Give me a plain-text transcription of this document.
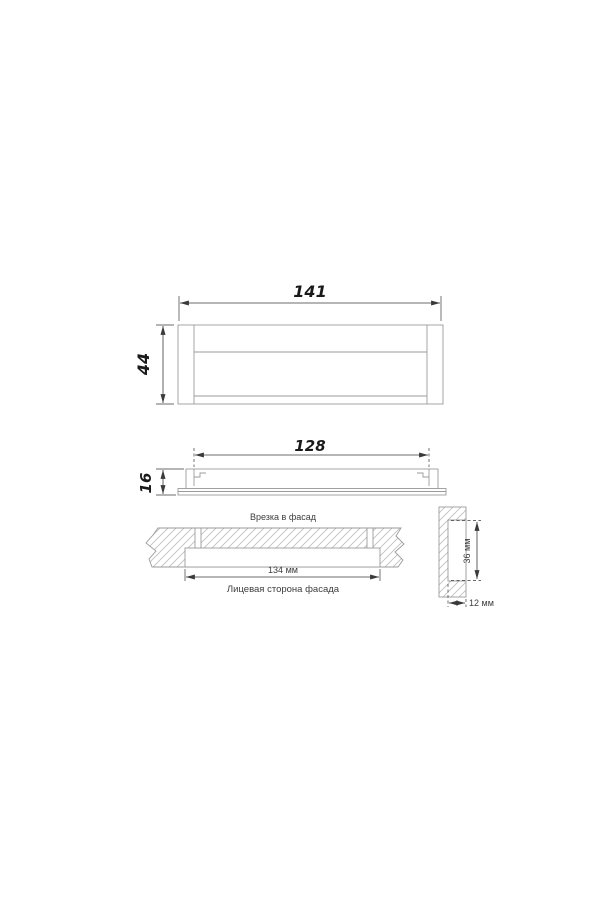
141
44
128
16
Врезка в фасад
134 мм
Лицевая сторона фасада
36 мм
12 мм
